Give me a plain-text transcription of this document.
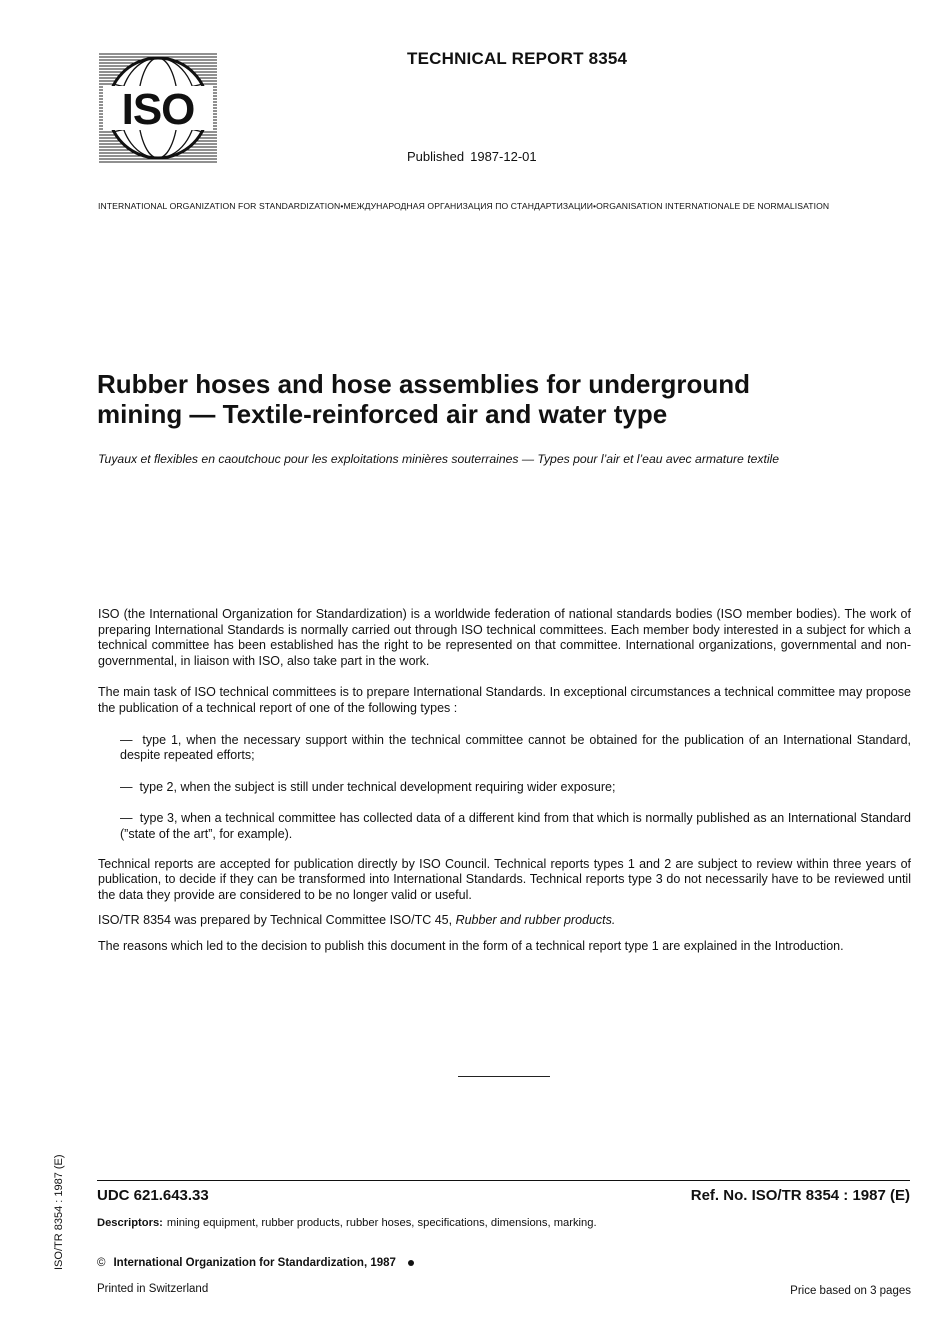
ISO
TECHNICAL REPORT 8354
Published 1987-12-01
INTERNATIONAL ORGANIZATION FOR STANDARDIZATION•МЕЖДУНАРОДНАЯ ОРГАНИЗАЦИЯ ПО СТАНДАРТИЗАЦИИ•ORGANISATION INTERNATIONALE DE NORMALISATION
Rubber hoses and hose assemblies for underground
mining — Textile-reinforced air and water type
Tuyaux et flexibles en caoutchouc pour les exploitations minières souterraines — Types pour l’air et l’eau avec armature textile

ISO (the International Organization for Standardization) is a worldwide federation of national standards bodies (ISO member bodies). The work of preparing International Standards is normally carried out through ISO technical committees. Each member body interested in a subject for which a technical committee has been established has the right to be represented on that committee. International organizations, governmental and non-governmental, in liaison with ISO, also take part in the work.

The main task of ISO technical committees is to prepare International Standards. In exceptional circumstances a technical committee may propose the publication of a technical report of one of the following types :

— type 1, when the necessary support within the technical committee cannot be obtained for the publication of an International Standard, despite repeated efforts;
— type 2, when the subject is still under technical development requiring wider exposure;
— type 3, when a technical committee has collected data of a different kind from that which is normally published as an International Standard (”state of the art”, for example).

Technical reports are accepted for publication directly by ISO Council. Technical reports types 1 and 2 are subject to review within three years of publication, to decide if they can be transformed into International Standards. Technical reports type 3 do not necessarily have to be reviewed until the data they provide are considered to be no longer valid or useful.

ISO/TR 8354 was prepared by Technical Committee ISO/TC 45, Rubber and rubber products.

The reasons which led to the decision to publish this document in the form of a technical report type 1 are explained in the Introduction.

UDC 621.643.33	Ref. No. ISO/TR 8354 : 1987 (E)
Descriptors: mining equipment, rubber products, rubber hoses, specifications, dimensions, marking.
© International Organization for Standardization, 1987
Printed in Switzerland	Price based on 3 pages
ISO/TR 8354 : 1987 (E)
